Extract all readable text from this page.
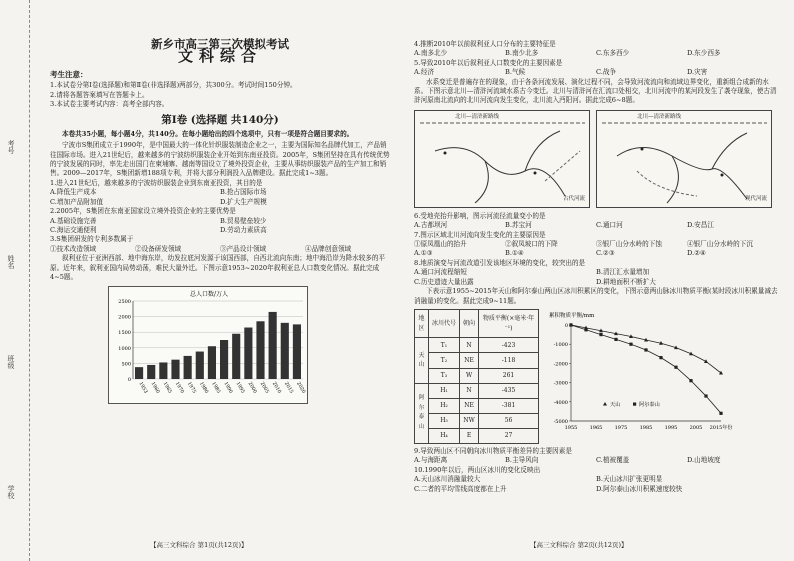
考号
姓名
班级
学校
新乡市高三第三次模拟考试
文科综合
考生注意：
1.本试卷分第Ⅰ卷(选择题)和第Ⅱ卷(非选择题)两部分，共300分。考试时间150分钟。
2.请将各题答案填写在答题卡上。
3.本试卷主要考试内容：高考全部内容。
第Ⅰ卷 (选择题 共140分)
本卷共35小题，每小题4分，共140分。在每小题给出的四个选项中，只有一项是符合题目要求的。
宁波市S集团成立于1990年，是中国最大的一体化针织服装制造企业之一，主要为国际知名品牌代加工，产品销往国际市场。进入21世纪后，越来越多的宁波纺织服装企业开始到东南亚投资。2005年，S集团坚持在具有传统优势的宁波发展的同时，率先走出国门在柬埔寨、越南等国设立了境外投资企业，主要从事纺织服装产品的生产加工和销售。2009—2017年，S集团新增188项专利，并将大部分利润投入品牌建设。据此完成1~3题。
1.进入21世纪后，越来越多的宁波纺织服装企业到东南亚投资，其目的是
A.降低生产成本	B.抢占国际市场
C.增加产品附加值	D.扩大生产规模
2.2005年，S集团在东南亚国家设立境外投资企业的主要优势是
A.基础设施完善	B.贸易壁垒较少
C.海运交通便利	D.劳动力素质高
3.S集团研发的专利多数属于
①技术改造领域	②设备研发领域	③产品设计领域	④品牌创意领域
叙利亚位于亚洲西部、地中海东岸，幼发拉底河发源于该国西部，自西北流向东南；地中海沿岸为降水较多的平原。近年来，叙利亚国内局势动荡，难民大量外迁。下图示意1953~2020年叙利亚总人口数变化情况。据此完成4~5题。
总人口数/万人
0
500
1000
1500
2000
2500
1953 1960 1965 1970 1975 1980 1985 1990 1995 2000 2005 2010 2015 2020
【高三文科综合 第1页(共12页)】	【高三文科综合 第2页(共12页)】
4.推断2010年以前叙利亚人口分布的主要特征是
A.南多北少	B.南少北多	C.东多西少	D.东少西多
5.导致2010年以后叙利亚人口数变化的主要因素是
A.经济	B.气候	C.战争	D.灾害
水系变迁是普遍存在的现象，由于各条河流发展、演化过程不同，会导致河流流向和流域边界变化，重新组合成新的水系。下图示意北川—清浒河流域水系古今变迁。北川与清浒河在汇流口处相交，北川河流中的某河段发生了袭夺现象，使古清浒河原南北流向的北川河流向发生变化，北川流入沔阳河。据此完成6~8题。
北川—清浒新路线
古代河流
北川—清浒新路线
现代河流
6.受地壳抬升影响，图示河流径流量变小的是
A.古都坝河	B.苏宝河	C.通口河	D.安昌江
7.图示区域北川河流向发生变化的主要原因是
①原凤凰山的抬升	②叙凤坡口的下降	③银厂山分水岭的下蚀	④银厂山分水岭的下沉
A.①③	B.①④	C.②③	D.②④
8.地质演变与河流改道引发该地区环境的变化，较突出的是
A.通口河流程缩短	B.清江汇水量增加
C.历史遗迹大量出露	D.耕地面积不断扩大
下表示意1955~2015年天山和阿尔泰山两山区冰川积累区的变化，下图示意两山脉冰川物质平衡(某时段冰川积累量减去消融量)的变化。据此完成9~11题。
地区	冰川代号	朝向	物质平衡(×毫米·年⁻¹)
天山	T₁	N	-423
	T₂	NE	-118
	T₃	W	261
阿尔泰山	H₁	N	-435
	H₂	NE	-381
	H₃	NW	56
	H₄	E	27
累积物质平衡/mm
0
-1000
-2000
-3000
-4000
-5000
1955 1965 1975 1985 1995 2005 2015年份
天山	阿尔泰山
9.导致两山区不同朝向冰川物质平衡差异的主要因素是
A.与海距离	B.主导风向	C.植被覆盖	D.山地坡度
10.1990年以后，两山区冰川的变化反映出
A.天山冰川消融量较大	B.天山冰川扩张更明显
C.二者的平均雪线高度都在上升	D.阿尔泰山冰川积累速度较快
